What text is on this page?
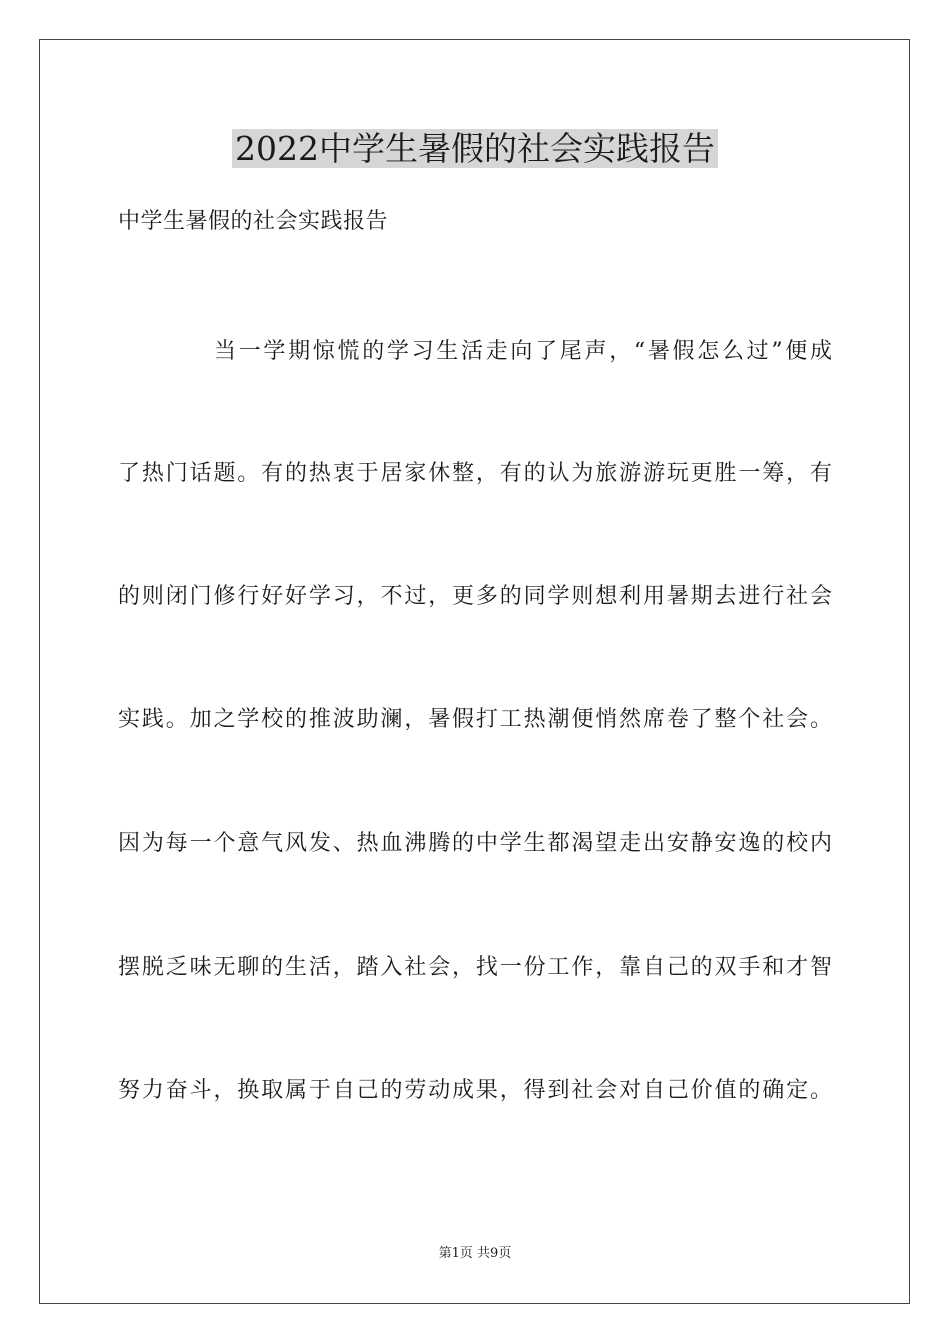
2022中学生暑假的社会实践报告
中学生暑假的社会实践报告
当一学期惊慌的学习生活走向了尾声，“暑假怎么过”便成
了热门话题。有的热衷于居家休整，有的认为旅游游玩更胜一筹，有
的则闭门修行好好学习，不过，更多的同学则想利用暑期去进行社会
实践。加之学校的推波助澜，暑假打工热潮便悄然席卷了整个社会。
因为每一个意气风发、热血沸腾的中学生都渴望走出安静安逸的校内
摆脱乏味无聊的生活，踏入社会，找一份工作，靠自己的双手和才智
努力奋斗，换取属于自己的劳动成果，得到社会对自己价值的确定。
第1页 共9页
